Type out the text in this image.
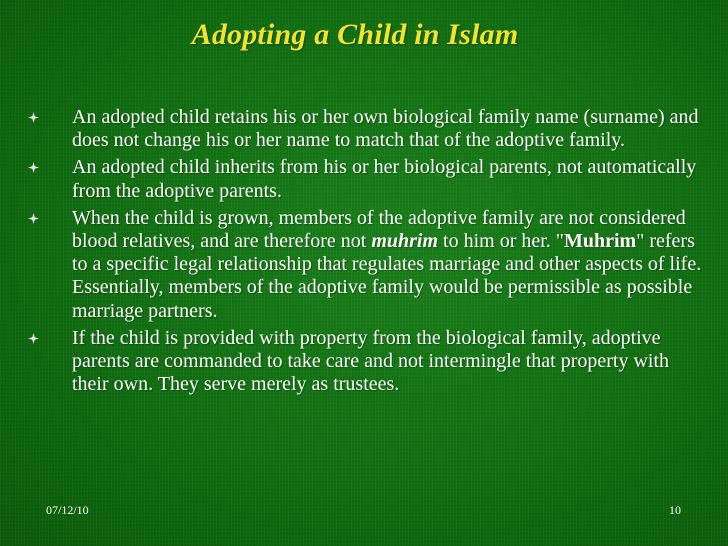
Adopting a Child in Islam
An adopted child retains his or her own biological family name (surname) and does not change his or her name to match that of the adoptive family.
An adopted child inherits from his or her biological parents, not automatically from the adoptive parents.
When the child is grown, members of the adoptive family are not considered blood relatives, and are therefore not muhrim to him or her. "Muhrim" refers to a specific legal relationship that regulates marriage and other aspects of life. Essentially, members of the adoptive family would be permissible as possible marriage partners.
If the child is provided with property from the biological family, adoptive parents are commanded to take care and not intermingle that property with their own. They serve merely as trustees.
07/12/10	10
